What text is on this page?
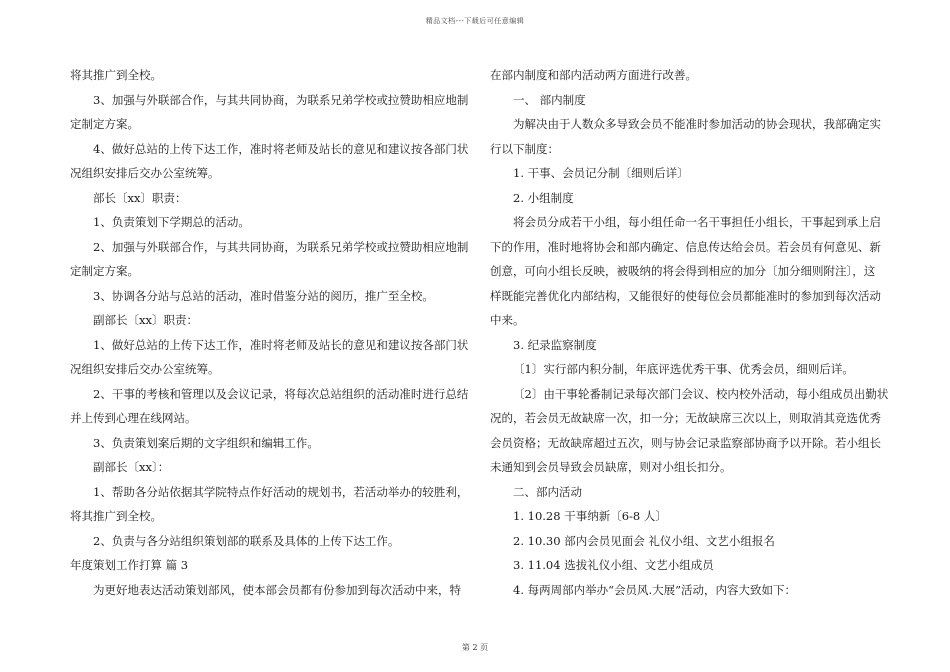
精品文档---下载后可任意编辑
将其推广到全校。
3、加强与外联部合作，与其共同协商，为联系兄弟学校或拉赞助相应地制
定制定方案。
4、做好总站的上传下达工作，准时将老师及站长的意见和建议按各部门状
况组织安排后交办公室统筹。
部长〔xx〕职责：
1、负责策划下学期总的活动。
2、加强与外联部合作，与其共同协商，为联系兄弟学校或拉赞助相应地制
定制定方案。
3、协调各分站与总站的活动，准时借鉴分站的阅历，推广至全校。
副部长〔xx〕职责：
1、做好总站的上传下达工作，准时将老师及站长的意见和建议按各部门状
况组织安排后交办公室统筹。
2、干事的考核和管理以及会议记录，将每次总站组织的活动准时进行总结
并上传到心理在线网站。
3、负责策划案后期的文字组织和编辑工作。
副部长〔xx〕：
1、帮助各分站依据其学院特点作好活动的规划书，若活动举办的较胜利，
将其推广到全校。
2、负责与各分站组织策划部的联系及具体的上传下达工作。
年度策划工作打算 篇 3
为更好地表达活动策划部风，使本部会员都有份参加到每次活动中来，特
在部内制度和部内活动两方面进行改善。
一、 部内制度
为解决由于人数众多导致会员不能准时参加活动的协会现状，我部确定实
行以下制度：
1. 干事、会员记分制〔细则后详〕
2. 小组制度
将会员分成若干小组，每小组任命一名干事担任小组长，干事起到承上启
下的作用，准时地将协会和部内确定、信息传达给会员。若会员有何意见、新
创意，可向小组长反映，被吸纳的将会得到相应的加分〔加分细则附注〕，这
样既能完善优化内部结构，又能很好的使每位会员都能准时的参加到每次活动
中来。
3. 纪录监察制度
〔1〕实行部内积分制，年底评选优秀干事、优秀会员，细则后详。
〔2〕由干事轮番制记录每次部门会议、校内校外活动，每小组成员出勤状
况的，若会员无故缺席一次，扣一分；无故缺席三次以上，则取消其竞选优秀
会员资格；无故缺席超过五次，则与协会记录监察部协商予以开除。若小组长
未通知到会员导致会员缺席，则对小组长扣分。
二、部内活动
1. 10.28 干事纳新〔6-8 人〕
2. 10.30 部内会员见面会 礼仪小组、文艺小组报名
3. 11.04 选拔礼仪小组、文艺小组成员
4. 每两周部内举办“会员风.大展”活动，内容大致如下：
第 2 页
